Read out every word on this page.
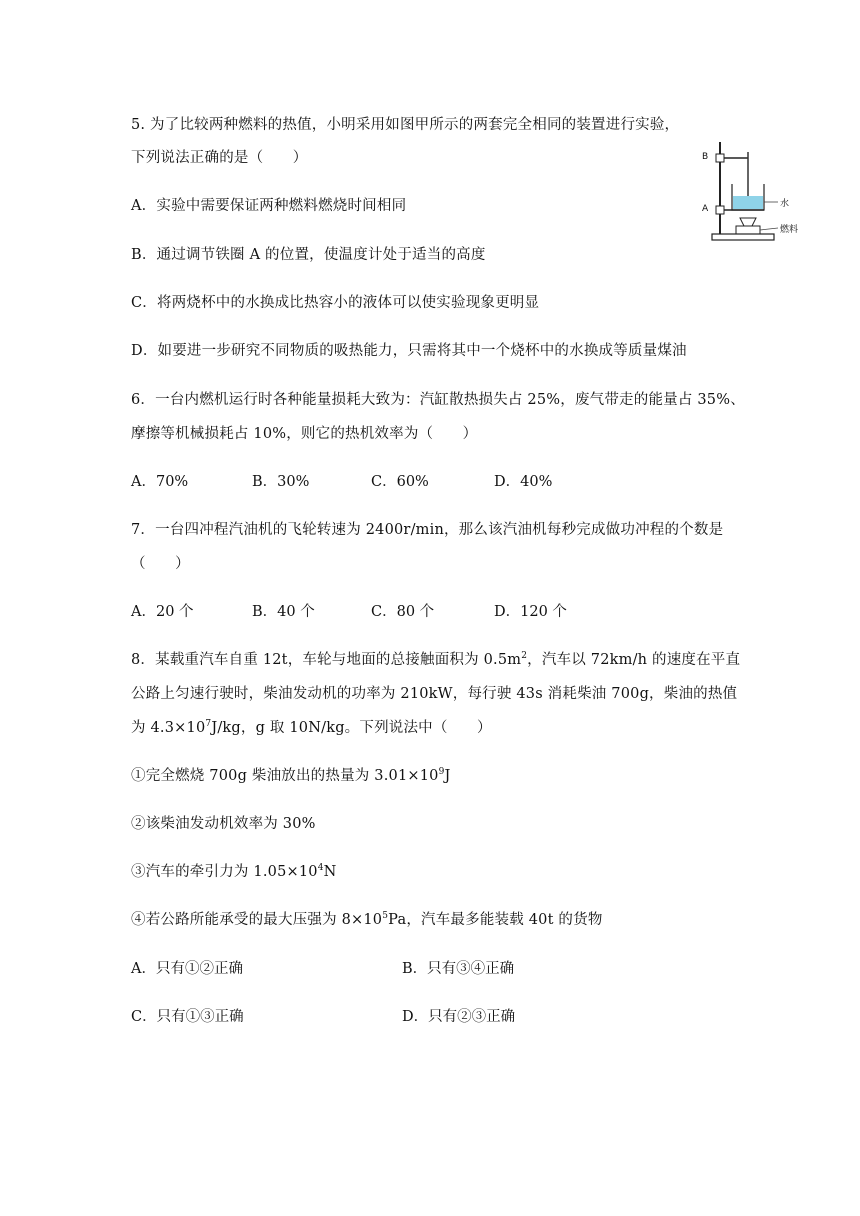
5. 为了比较两种燃料的热值，小明采用如图甲所示的两套完全相同的装置进行实验，
下列说法正确的是（　　）	B
A	水
燃料
A．实验中需要保证两种燃料燃烧时间相同
B．通过调节铁圈 A 的位置，使温度计处于适当的高度
C．将两烧杯中的水换成比热容小的液体可以使实验现象更明显
D．如要进一步研究不同物质的吸热能力，只需将其中一个烧杯中的水换成等质量煤油
6．一台内燃机运行时各种能量损耗大致为：汽缸散热损失占 25%，废气带走的能量占 35%、
摩擦等机械损耗占 10%，则它的热机效率为（　　）
A．70%	B．30%	C．60%	D．40%
7．一台四冲程汽油机的飞轮转速为 2400r/min，那么该汽油机每秒完成做功冲程的个数是
（　　）
A．20 个	B．40 个	C．80 个	D．120 个
8．某载重汽车自重 12t，车轮与地面的总接触面积为 $0.5m^2$，汽车以 72km/h 的速度在平直
公路上匀速行驶时，柴油发动机的功率为 210kW，每行驶 43s 消耗柴油 700g，柴油的热值
为 $4.3\times 10^7J/kg$，g 取 10N/kg。下列说法中（　　）
①完全燃烧 700g 柴油放出的热量为 $3.01\times 10^9J$
②该柴油发动机效率为 30%
③汽车的牵引力为 $1.05\times 10^4N$
④若公路所能承受的最大压强为 $8\times 10^5Pa$，汽车最多能装载 40t 的货物
A．只有①②正确	B．只有③④正确
C．只有①③正确	D．只有②③正确
